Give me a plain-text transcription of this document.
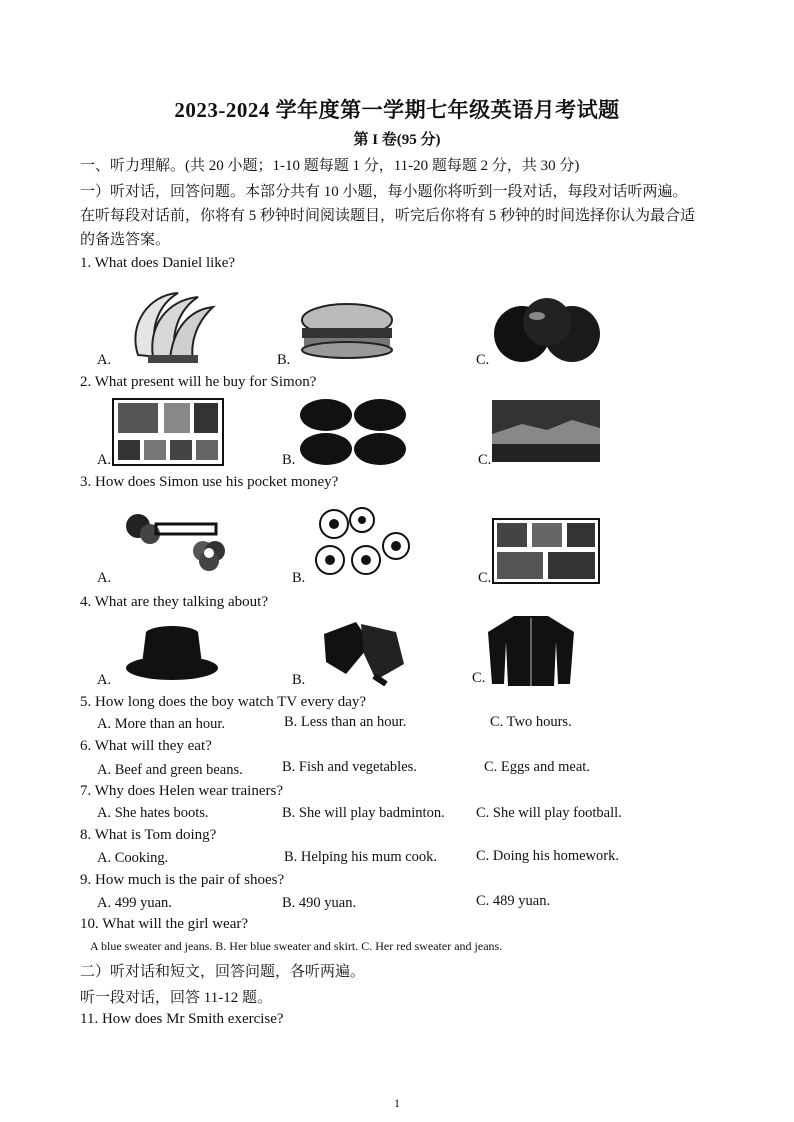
2023-2024 学年度第一学期七年级英语月考试题
第 I 卷(95 分)
一、听力理解。(共 20 小题；1-10 题每题 1 分，11-20 题每题 2 分，共 30 分)
一）听对话，回答问题。本部分共有 10 小题，每小题你将听到一段对话，每段对话听两遍。
在听每段对话前，你将有 5 秒钟时间阅读题目，听完后你将有 5 秒钟的时间选择你认为最合适
的备选答案。
1. What does Daniel like?
A.	B.	C.
2. What present will he buy for Simon?
A.	B.	C.
3. How does Simon use his pocket money?
A.	B.	C.
4. What are they talking about?
A.	B.	C.
5. How long does the boy watch TV every day?
A. More than an hour.	B. Less than an hour.	C. Two hours.
6. What will they eat?
A. Beef and green beans.	B. Fish and vegetables.	C. Eggs and meat.
7. Why does Helen wear trainers?
A. She hates boots.	B. She will play badminton. C. She will play football.
8. What is Tom doing?
A. Cooking.	B. Helping his mum cook.	C. Doing his homework.
9. How much is the pair of shoes?
A. 499 yuan.	B. 490 yuan.	C. 489 yuan.
10. What will the girl wear?
A blue sweater and jeans. B. Her blue sweater and skirt. C. Her red sweater and jeans.
二）听对话和短文，回答问题，各听两遍。
听一段对话，回答 11-12 题。
11. How does Mr Smith exercise?
1
